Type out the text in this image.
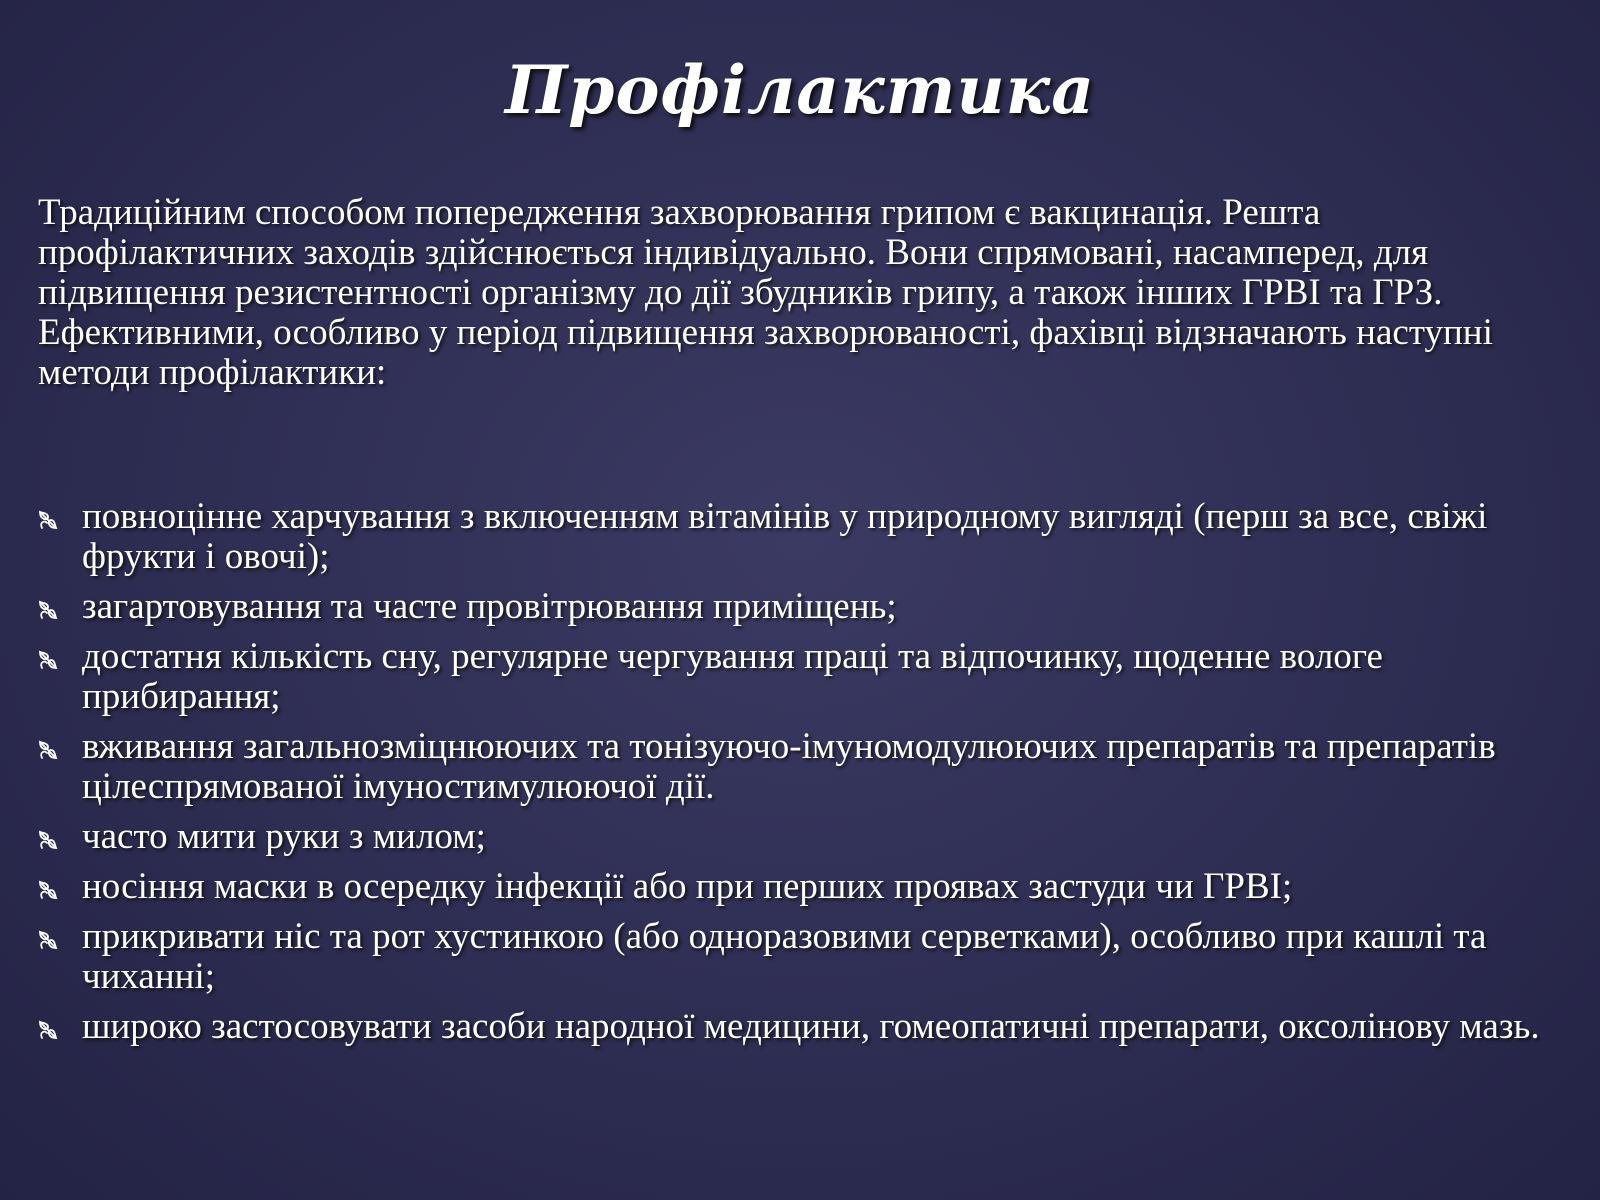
Профілактика

Традиційним способом попередження захворювання грипом є вакцинація. Решта профілактичних заходів здійснюється індивідуально. Вони спрямовані, насамперед, для підвищення резистентності організму до дії збудників грипу, а також інших ГРВІ та ГРЗ. Ефективними, особливо у період підвищення захворюваності, фахівці відзначають наступні методи профілактики:

повноцінне харчування з включенням вітамінів у природному вигляді (перш за все, свіжі фрукти і овочі);
загартовування та часте провітрювання приміщень;
достатня кількість сну, регулярне чергування праці та відпочинку, щоденне вологе прибирання;
вживання загальнозміцнюючих та тонізуючо-імуномодулюючих препаратів та препаратів цілеспрямованої імуностимулюючої дії.
часто мити руки з милом;
носіння маски в осередку інфекції або при перших проявах застуди чи ГРВІ;
прикривати ніс та рот хустинкою (або одноразовими серветками), особливо при кашлі та чиханні;
широко застосовувати засоби народної медицини, гомеопатичні препарати, оксолінову мазь.
